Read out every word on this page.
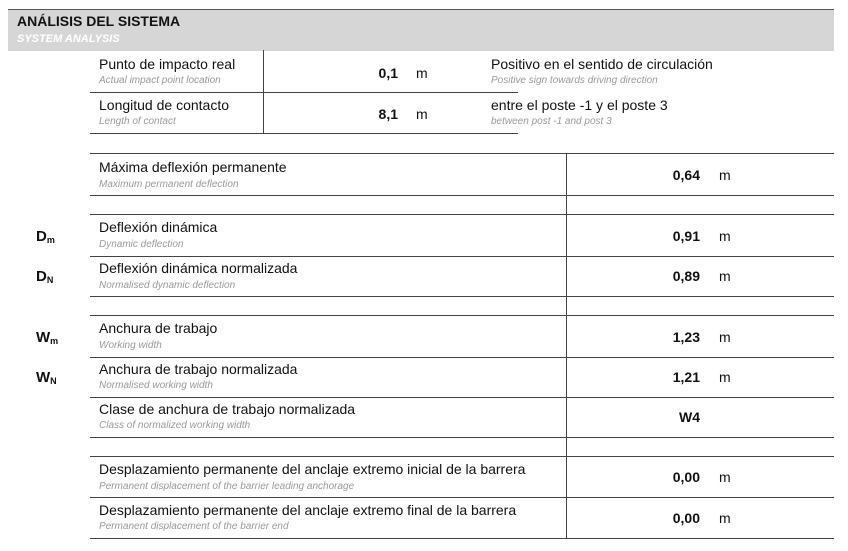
ANÁLISIS DEL SISTEMA
SYSTEM ANALYSIS
Punto de impacto real
Actual impact point location	0,1 m
Positivo en el sentido de circulación
Positive sign towards driving direction
Longitud de contacto
Length of contact	8,1 m
entre el poste -1 y el poste 3
between post -1 and post 3
Máxima deflexión permanente
Maximum permanent deflection
0,64 m
$D_m$
Deflexión dinámica
Dynamic deflection
0,91 m
$D_N$
Deflexión dinámica normalizada
Normalised dynamic deflection
0,89 m
$W_m$
Anchura de trabajo
Working width
1,23 m
$W_N$
Anchura de trabajo normalizada
Normalised working width
1,21 m
Clase de anchura de trabajo normalizada
Class of normalized working width
W4
Desplazamiento permanente del anclaje extremo inicial de la barrera
Permanent displacement of the barrier leading anchorage
0,00 m
Desplazamiento permanente del anclaje extremo final de la barrera
Permanent displacement of the barrier end
0,00 m
